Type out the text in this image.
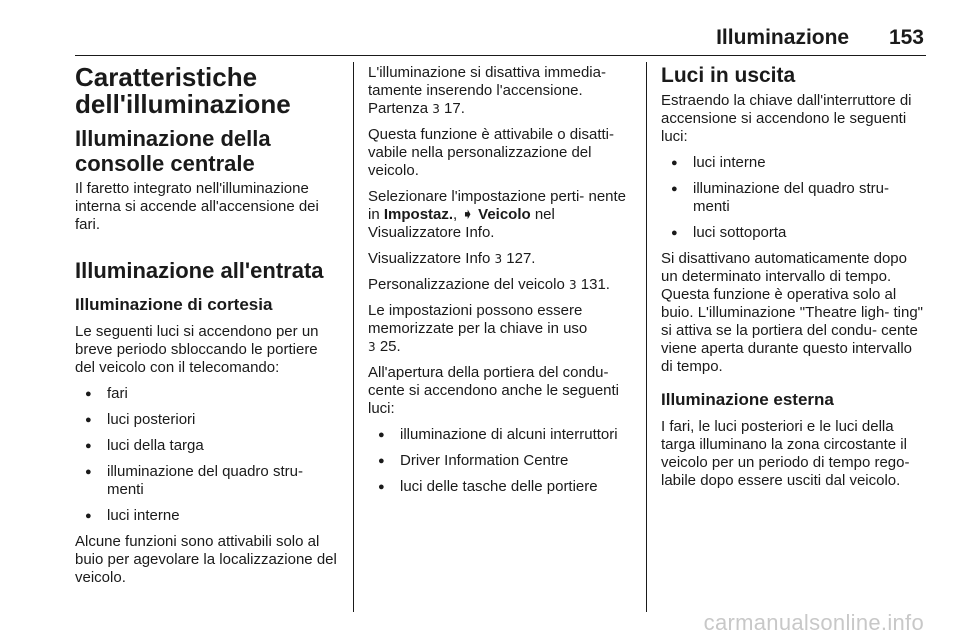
Illuminazione 153
Caratteristiche dell'illuminazione
Illuminazione della consolle centrale

Il faretto integrato nell'illuminazione interna si accende all'accensione dei fari.

Illuminazione all'entrata
Illuminazione di cortesia

Le seguenti luci si accendono per un breve periodo sbloccando le portiere del veicolo con il telecomando:

● fari
● luci posteriori
● luci della targa
● illuminazione del quadro stru- menti
● luci interne

Alcune funzioni sono attivabili solo al buio per agevolare la localizzazione del veicolo.

L'illuminazione si disattiva immedia- tamente inserendo l'accensione. Partenza 3 17.

Questa funzione è attivabile o disatti- vabile nella personalizzazione del veicolo.

Selezionare l'impostazione perti- nente in Impostaz., ➧ Veicolo nel Visualizzatore Info.

Visualizzatore Info 3 127.

Personalizzazione del veicolo 3 131.

Le impostazioni possono essere memorizzate per la chiave in uso
3 25.

All'apertura della portiera del condu- cente si accendono anche le seguenti luci:

● illuminazione di alcuni interruttori
● Driver Information Centre
● luci delle tasche delle portiere
Luci in uscita

Estraendo la chiave dall'interruttore di accensione si accendono le seguenti luci:

● luci interne
● illuminazione del quadro stru- menti
● luci sottoporta

Si disattivano automaticamente dopo un determinato intervallo di tempo. Questa funzione è operativa solo al buio. L'illuminazione "Theatre ligh- ting" si attiva se la portiera del condu- cente viene aperta durante questo intervallo di tempo.

Illuminazione esterna

I fari, le luci posteriori e le luci della targa illuminano la zona circostante il veicolo per un periodo di tempo rego- labile dopo essere usciti dal veicolo.

carmanualsonline.info
